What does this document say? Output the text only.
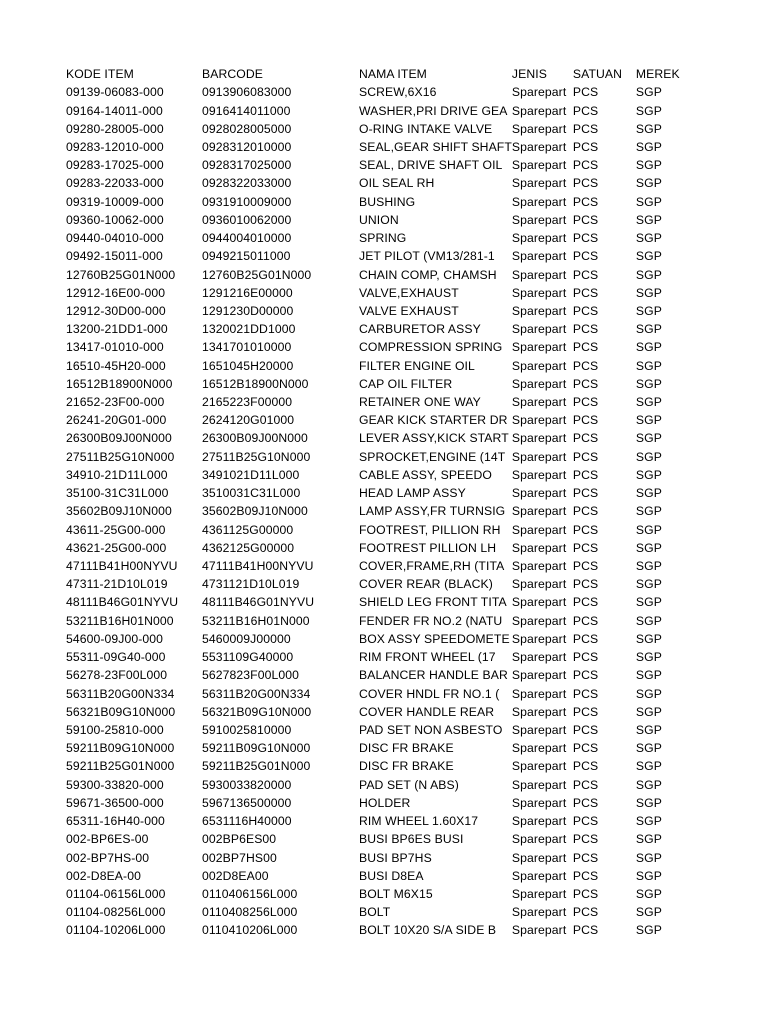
KODE ITEM	BARCODE	NAMA ITEM	JENIS	SATUAN	MEREK
09139-06083-000	0913906083000	SCREW,6X16	Sparepart	PCS	SGP
09164-14011-000	0916414011000	WASHER,PRI DRIVE GEA	Sparepart	PCS	SGP
09280-28005-000	0928028005000	O-RING INTAKE VALVE	Sparepart	PCS	SGP
09283-12010-000	0928312010000	SEAL,GEAR SHIFT SHAFT	Sparepart	PCS	SGP
09283-17025-000	0928317025000	SEAL, DRIVE SHAFT OIL	Sparepart	PCS	SGP
09283-22033-000	0928322033000	OIL SEAL RH	Sparepart	PCS	SGP
09319-10009-000	0931910009000	BUSHING	Sparepart	PCS	SGP
09360-10062-000	0936010062000	UNION	Sparepart	PCS	SGP
09440-04010-000	0944004010000	SPRING	Sparepart	PCS	SGP
09492-15011-000	0949215011000	JET PILOT (VM13/281-1	Sparepart	PCS	SGP
12760B25G01N000	12760B25G01N000	CHAIN COMP, CHAMSH	Sparepart	PCS	SGP
12912-16E00-000	1291216E00000	VALVE,EXHAUST	Sparepart	PCS	SGP
12912-30D00-000	1291230D00000	VALVE EXHAUST	Sparepart	PCS	SGP
13200-21DD1-000	1320021DD1000	CARBURETOR ASSY	Sparepart	PCS	SGP
13417-01010-000	1341701010000	COMPRESSION SPRING	Sparepart	PCS	SGP
16510-45H20-000	1651045H20000	FILTER ENGINE OIL	Sparepart	PCS	SGP
16512B18900N000	16512B18900N000	CAP OIL FILTER	Sparepart	PCS	SGP
21652-23F00-000	2165223F00000	RETAINER ONE WAY	Sparepart	PCS	SGP
26241-20G01-000	2624120G01000	GEAR KICK STARTER DR	Sparepart	PCS	SGP
26300B09J00N000	26300B09J00N000	LEVER ASSY,KICK START	Sparepart	PCS	SGP
27511B25G10N000	27511B25G10N000	SPROCKET,ENGINE (14T	Sparepart	PCS	SGP
34910-21D11L000	3491021D11L000	CABLE ASSY, SPEEDO	Sparepart	PCS	SGP
35100-31C31L000	3510031C31L000	HEAD LAMP ASSY	Sparepart	PCS	SGP
35602B09J10N000	35602B09J10N000	LAMP ASSY,FR TURNSIG	Sparepart	PCS	SGP
43611-25G00-000	4361125G00000	FOOTREST, PILLION RH	Sparepart	PCS	SGP
43621-25G00-000	4362125G00000	FOOTREST PILLION LH	Sparepart	PCS	SGP
47111B41H00NYVU	47111B41H00NYVU	COVER,FRAME,RH (TITA	Sparepart	PCS	SGP
47311-21D10L019	4731121D10L019	COVER REAR (BLACK)	Sparepart	PCS	SGP
48111B46G01NYVU	48111B46G01NYVU	SHIELD LEG FRONT TITA	Sparepart	PCS	SGP
53211B16H01N000	53211B16H01N000	FENDER FR NO.2 (NATU	Sparepart	PCS	SGP
54600-09J00-000	5460009J00000	BOX ASSY SPEEDOMETE	Sparepart	PCS	SGP
55311-09G40-000	5531109G40000	RIM FRONT WHEEL (17	Sparepart	PCS	SGP
56278-23F00L000	5627823F00L000	BALANCER HANDLE BAR	Sparepart	PCS	SGP
56311B20G00N334	56311B20G00N334	COVER HNDL FR NO.1 (	Sparepart	PCS	SGP
56321B09G10N000	56321B09G10N000	COVER HANDLE REAR	Sparepart	PCS	SGP
59100-25810-000	5910025810000	PAD SET NON ASBESTO	Sparepart	PCS	SGP
59211B09G10N000	59211B09G10N000	DISC FR BRAKE	Sparepart	PCS	SGP
59211B25G01N000	59211B25G01N000	DISC FR BRAKE	Sparepart	PCS	SGP
59300-33820-000	5930033820000	PAD SET (N ABS)	Sparepart	PCS	SGP
59671-36500-000	5967136500000	HOLDER	Sparepart	PCS	SGP
65311-16H40-000	6531116H40000	RIM WHEEL 1.60X17	Sparepart	PCS	SGP
002-BP6ES-00	002BP6ES00	BUSI BP6ES BUSI	Sparepart	PCS	SGP
002-BP7HS-00	002BP7HS00	BUSI BP7HS	Sparepart	PCS	SGP
002-D8EA-00	002D8EA00	BUSI D8EA	Sparepart	PCS	SGP
01104-06156L000	0110406156L000	BOLT M6X15	Sparepart	PCS	SGP
01104-08256L000	0110408256L000	BOLT	Sparepart	PCS	SGP
01104-10206L000	0110410206L000	BOLT 10X20 S/A SIDE B	Sparepart	PCS	SGP
